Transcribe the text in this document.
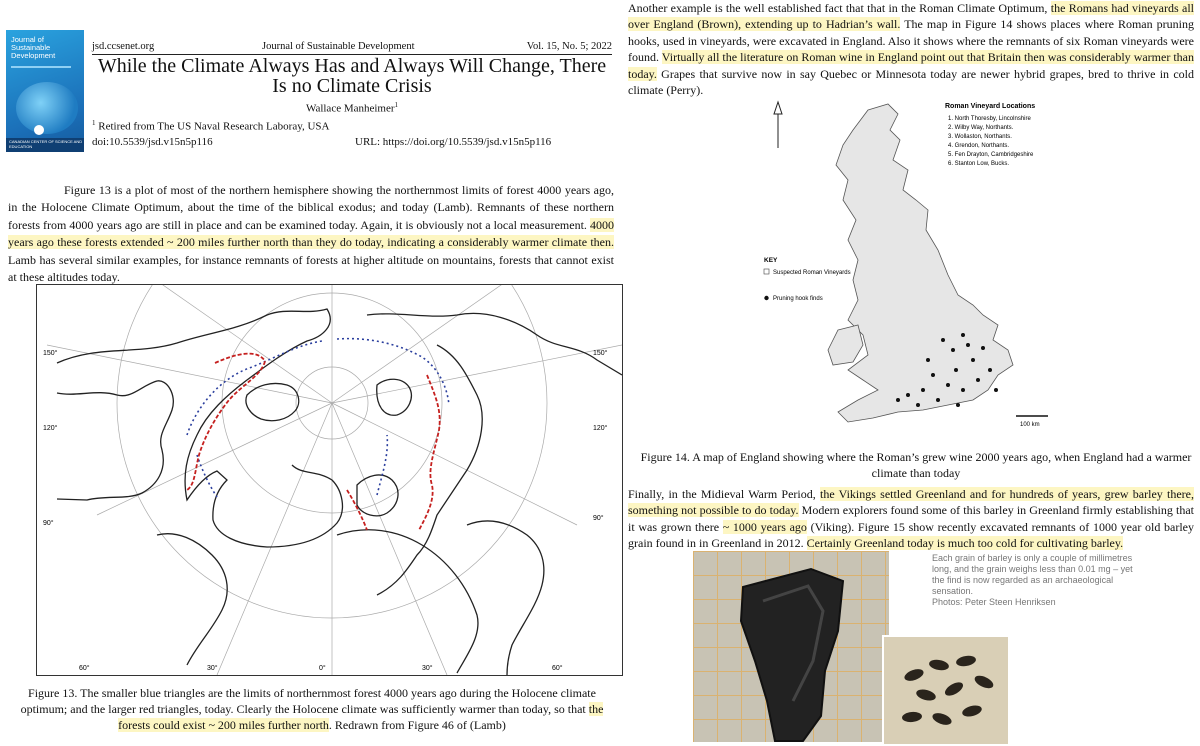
Journal of Sustainable Development
CANADIAN CENTER OF SCIENCE AND EDUCATION
jsd.ccsenet.org	Journal of Sustainable Development	Vol. 15, No. 5; 2022
While the Climate Always Has and Always Will Change, There Is no Climate Crisis
Wallace Manheimer$^1$
$^1$ Retired from The US Naval Research Laboray, USA
doi:10.5539/jsd.v15n5p116	URL: https://doi.org/10.5539/jsd.v15n5p116
Figure 13 is a plot of most of the northern hemisphere showing the northernmost limits of forest 4000 years ago, in the Holocene Climate Optimum, about the time of the biblical exodus; and today (Lamb). Remnants of these northern forests from 4000 years ago are still in place and can be examined today. Again, it is obviously not a local measurement. 4000 years ago these forests extended ~ 200 miles further north than they do today, indicating a considerably warmer climate then. Lamb has several similar examples, for instance remnants of forests at higher altitude on mountains, forests that cannot exist at these altitudes today.
150°	150°
120°	120°
90°
90°
60°	30°	0°	30°	60°
Figure 13. The smaller blue triangles are the limits of northernmost forest 4000 years ago during the Holocene climate optimum; and the larger red triangles, today. Clearly the Holocene climate was sufficiently warmer than today, so that the forests could exist ~ 200 miles further north. Redrawn from Figure 46 of (Lamb)
Another example is the well established fact that that in the Roman Climate Optimum, the Romans had vineyards all over England (Brown), extending up to Hadrian’s wall. The map in Figure 14 shows places where Roman pruning hooks, used in vineyards, were excavated in England. Also it shows where the remnants of six Roman vineyards were found. Virtually all the literature on Roman wine in England point out that Britain then was considerably warmer than today. Grapes that survive now in say Quebec or Minnesota today are newer hybrid grapes, bred to thrive in cold climate (Perry).
Roman Vineyard Locations
1. North Thoresby, Lincolnshire
2. Wilby Way, Northants.
3. Wollaston, Northants.
4. Grendon, Northants.
5. Fen Drayton, Cambridgeshire
6. Stanton Low, Bucks.
KEY
Suspected Roman Vineyards
Pruning hook finds
100 km
Figure 14. A map of England showing where the Roman’s grew wine 2000 years ago, when England had a warmer climate than today
Finally, in the Midieval Warm Period, the Vikings settled Greenland and for hundreds of years, grew barley there, something not possible to do today. Modern explorers found some of this barley in Greenland firmly establishing that it was grown there ~ 1000 years ago (Viking). Figure 15 show recently excavated remnants of 1000 year old barley grain found in in Greenland in 2012. Certainly Greenland today is much too cold for cultivating barley.
Each grain of barley is only a couple of millimetres long, and the grain weighs less than 0.01 mg – yet the find is now regarded as an archaeological sensation.
Photos: Peter Steen Henriksen
